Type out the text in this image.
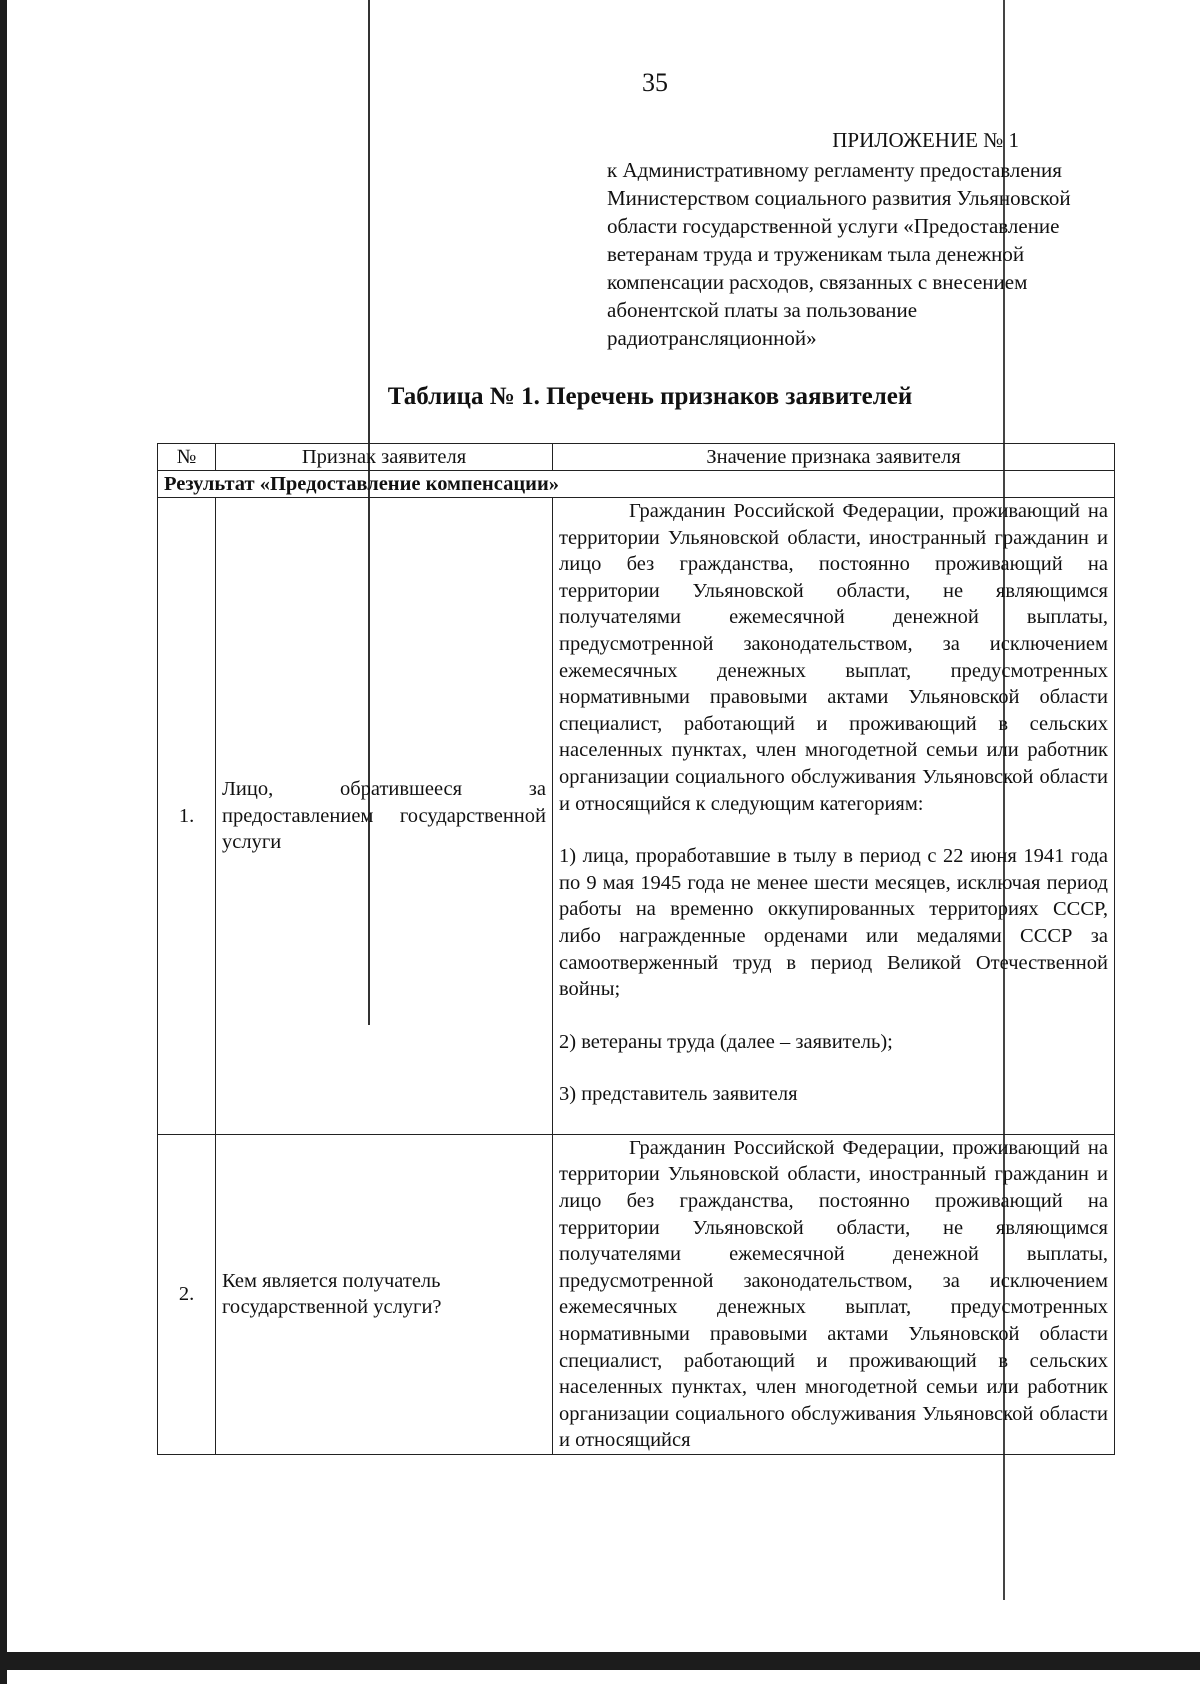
35
ПРИЛОЖЕНИЕ № 1
к Административному регламенту предоставления Министерством социального развития Ульяновской области государственной услуги «Предоставление ветеранам труда и труженикам тыла денежной компенсации расходов, связанных с внесением абонентской платы за пользование радиотрансляционной»
Таблица № 1. Перечень признаков заявителей
№	Признак заявителя	Значение признака заявителя
Результат «Предоставление компенсации»		
1.	Лицо, обратившееся за предоставлением государственной услуги	Гражданин Российской Федерации, проживающий на территории Ульяновской области, иностранный гражданин и лицо без гражданства, постоянно проживающий на территории Ульяновской области, не являющимся получателями ежемесячной денежной выплаты, предусмотренной законодательством, за исключением ежемесячных денежных выплат, предусмотренных нормативными правовыми актами Ульяновской области специалист, работающий и проживающий в сельских населенных пунктах, член многодетной семьи или работник организации социального обслуживания Ульяновской области и относящийся к следующим категориям:
1) лица, проработавшие в тылу в период с 22 июня 1941 года по 9 мая 1945 года не менее шести месяцев, исключая период работы на временно оккупированных территориях СССР, либо награжденные орденами или медалями СССР за самоотверженный труд в период Великой Отечественной войны;
2) ветераны труда (далее – заявитель);
3) представитель заявителя

2.	Кем является получатель государственной услуги?	Гражданин Российской Федерации, проживающий на территории Ульяновской области, иностранный гражданин и лицо без гражданства, постоянно проживающий на территории Ульяновской области, не являющимся получателями ежемесячной денежной выплаты, предусмотренной законодательством, за исключением ежемесячных денежных выплат, предусмотренных нормативными правовыми актами Ульяновской области специалист, работающий и проживающий в сельских населенных пунктах, член многодетной семьи или работник организации социального обслуживания Ульяновской области и относящийся
